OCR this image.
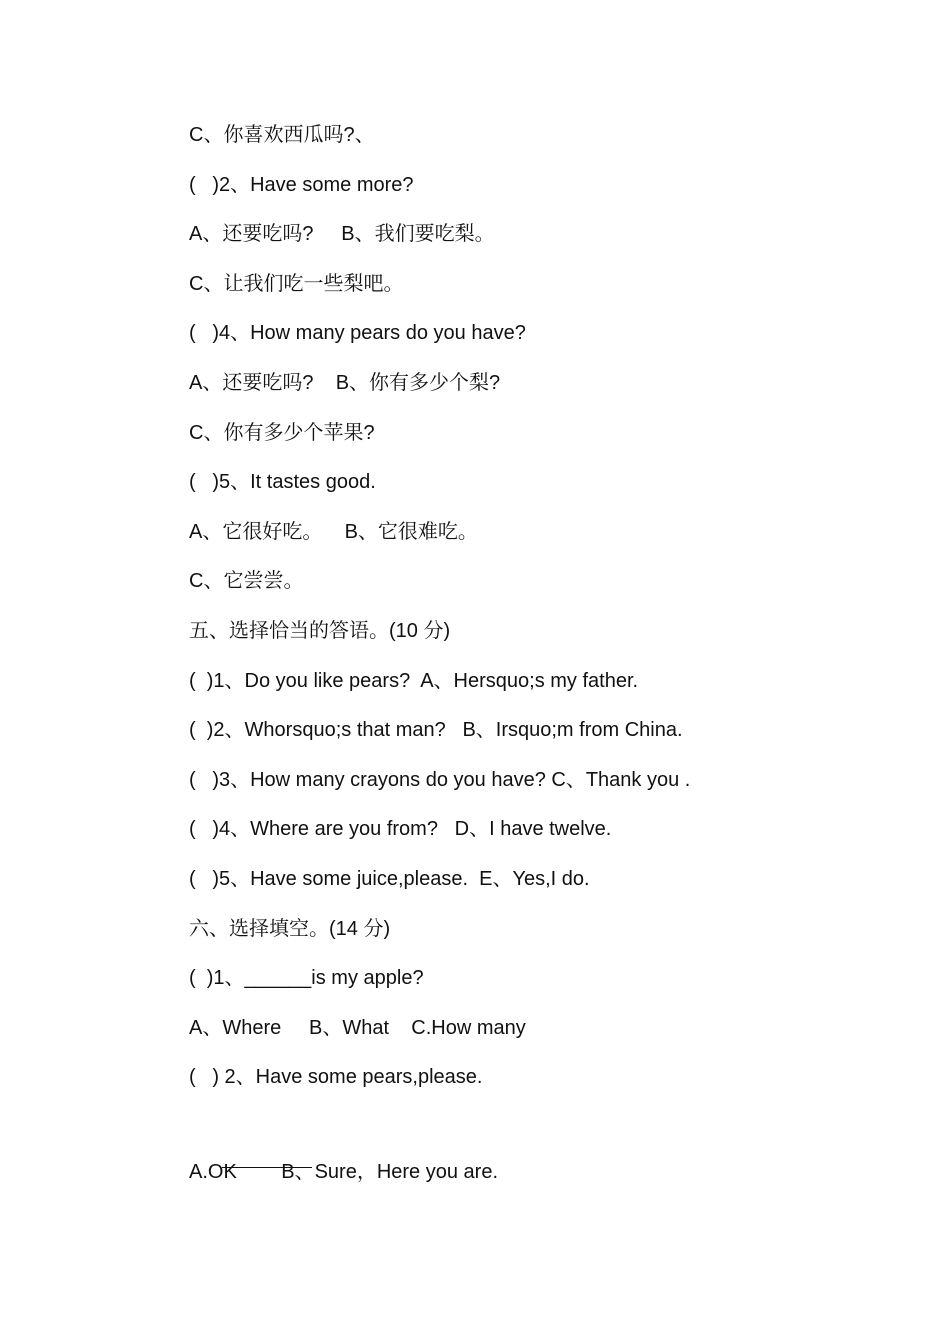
C、你喜欢西瓜吗?、
(   )2、Have some more?
A、还要吃吗?     B、我们要吃梨。
C、让我们吃一些梨吧。
(   )4、How many pears do you have?
A、还要吃吗?    B、你有多少个梨?
C、你有多少个苹果?
(   )5、It tastes good.
A、它很好吃。    B、它很难吃。
C、它尝尝。
五、选择恰当的答语。(10 分)
(  )1、Do you like pears?  A、Hersquo;s my father.
(  )2、Whorsquo;s that man?   B、Irsquo;m from China.
(   )3、How many crayons do you have? C、Thank you .
(   )4、Where are you from?   D、I have twelve.
(   )5、Have some juice,please.  E、Yes,I do.
六、选择填空。(14 分)
(  )1、______is my apple?
A、Where     B、What    C.How many
(   ) 2、Have some pears,please.

A.OK        B、Sure，Here you are.
